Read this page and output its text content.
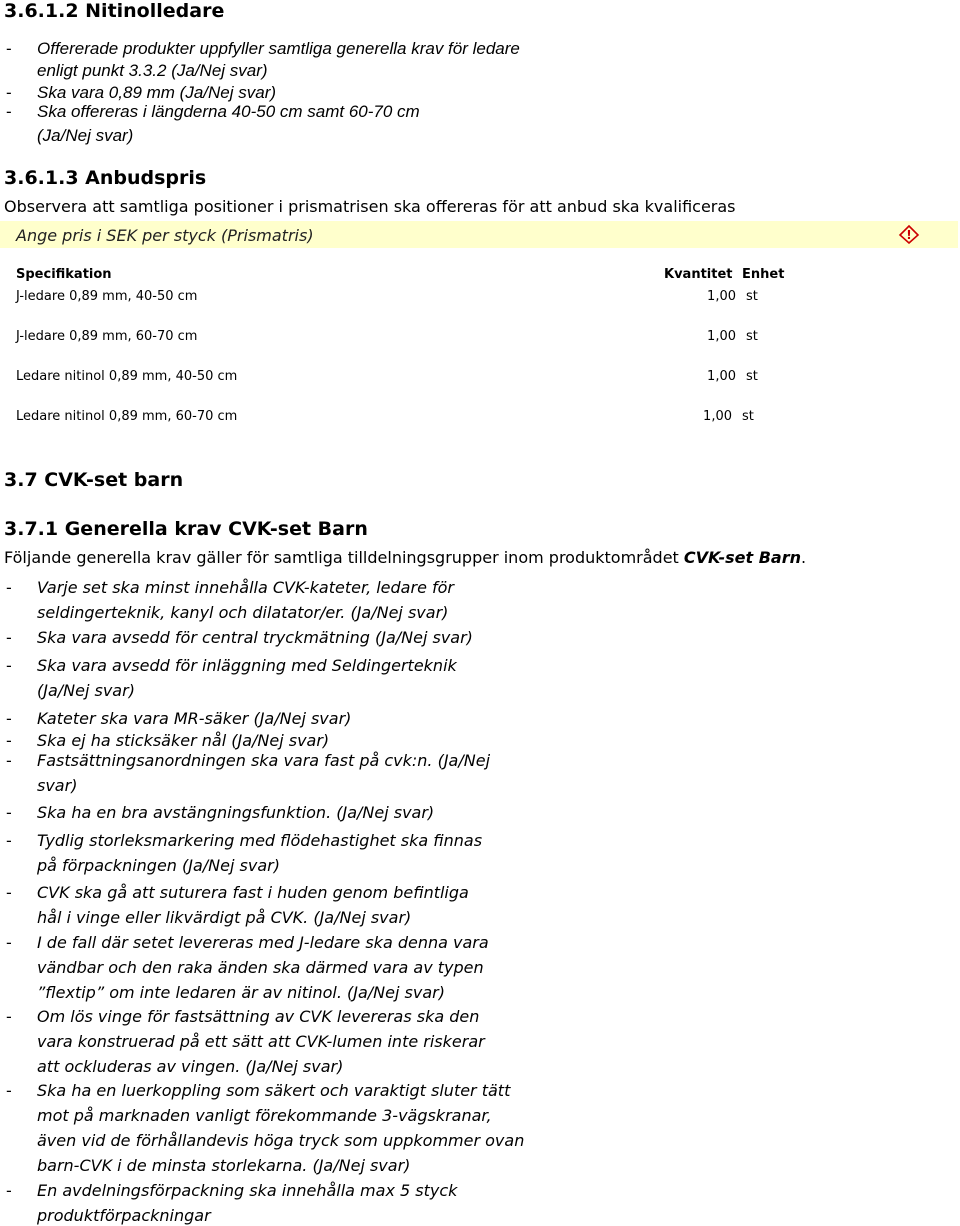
3.6.1.2 Nitinolledare
- Offererade produkter uppfyller samtliga generella krav för ledare
enligt punkt 3.3.2 (Ja/Nej svar)
- Ska vara 0,89 mm (Ja/Nej svar)
- Ska offereras i längderna 40-50 cm samt 60-70 cm
(Ja/Nej svar)
3.6.1.3 Anbudspris
Observera att samtliga positioner i prismatrisen ska offereras för att anbud ska kvalificeras
Ange pris i SEK per styck (Prismatris)	!
Specifikation	Kvantitet Enhet
J-ledare 0,89 mm, 40-50 cm	1,00 st
J-ledare 0,89 mm, 60-70 cm	1,00 st
Ledare nitinol 0,89 mm, 40-50 cm	1,00 st
Ledare nitinol 0,89 mm, 60-70 cm	1,00 st
3.7 CVK-set barn
3.7.1 Generella krav CVK-set Barn
Följande generella krav gäller för samtliga tilldelningsgrupper inom produktområdet CVK-set Barn.
- Varje set ska minst innehålla CVK-kateter, ledare för
seldingerteknik, kanyl och dilatator/er. (Ja/Nej svar)
- Ska vara avsedd för central tryckmätning (Ja/Nej svar)
- Ska vara avsedd för inläggning med Seldingerteknik
(Ja/Nej svar)
- Kateter ska vara MR-säker (Ja/Nej svar)
- Ska ej ha sticksäker nål (Ja/Nej svar)
- Fastsättningsanordningen ska vara fast på cvk:n. (Ja/Nej
svar)
- Ska ha en bra avstängningsfunktion. (Ja/Nej svar)
- Tydlig storleksmarkering med flödehastighet ska finnas
på förpackningen (Ja/Nej svar)
- CVK ska gå att suturera fast i huden genom befintliga
hål i vinge eller likvärdigt på CVK. (Ja/Nej svar)
- I de fall där setet levereras med J-ledare ska denna vara
vändbar och den raka änden ska därmed vara av typen
”flextip” om inte ledaren är av nitinol. (Ja/Nej svar)
- Om lös vinge för fastsättning av CVK levereras ska den
vara konstruerad på ett sätt att CVK-lumen inte riskerar
att ockluderas av vingen. (Ja/Nej svar)
- Ska ha en luerkoppling som säkert och varaktigt sluter tätt
mot på marknaden vanligt förekommande 3-vägskranar,
även vid de förhållandevis höga tryck som uppkommer ovan
barn-CVK i de minsta storlekarna. (Ja/Nej svar)
- En avdelningsförpackning ska innehålla max 5 styck
produktförpackningar
